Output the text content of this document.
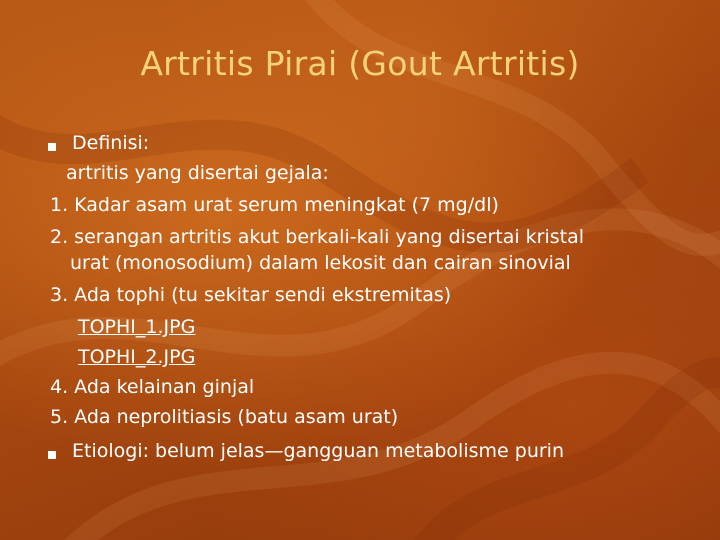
Artritis Pirai (Gout Artritis)
Definisi:
artritis yang disertai gejala:
1. Kadar asam urat serum meningkat (7 mg/dl)
2. serangan artritis akut berkali-kali yang disertai kristal
urat (monosodium) dalam lekosit dan cairan sinovial
3. Ada tophi (tu sekitar sendi ekstremitas)
TOPHI_1.JPG
TOPHI_2.JPG
4. Ada kelainan ginjal
5. Ada neprolitiasis (batu asam urat)
Etiologi: belum jelas—gangguan metabolisme purin
